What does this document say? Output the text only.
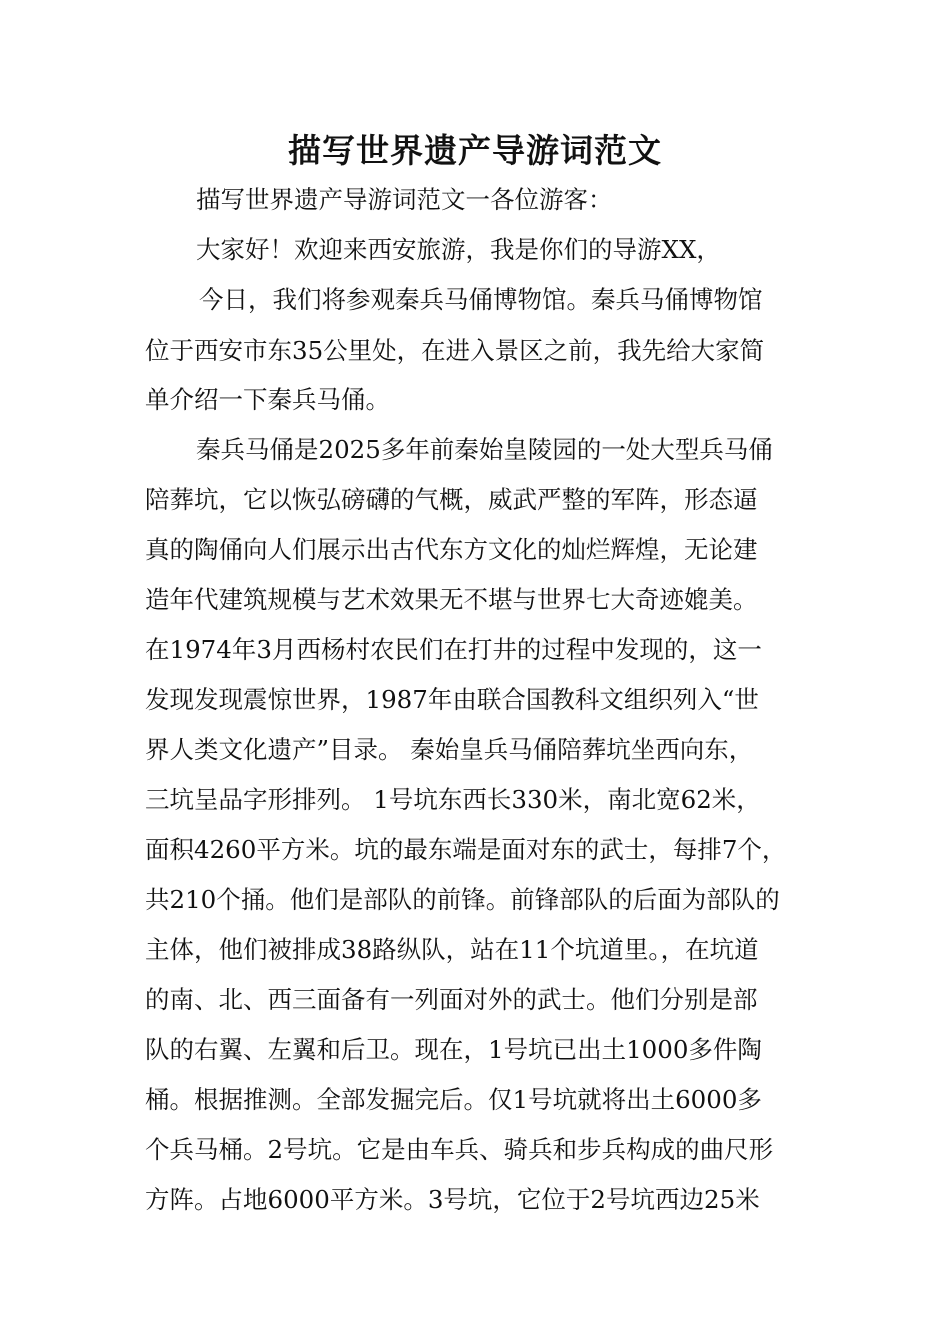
描写世界遗产导游词范文

描写世界遗产导游词范文一各位游客：

大家好！欢迎来西安旅游，我是你们的导游XX，

今日，我们将参观秦兵马俑博物馆。秦兵马俑博物馆

位于西安市东35公里处，在进入景区之前，我先给大家简

单介绍一下秦兵马俑。

秦兵马俑是2025多年前秦始皇陵园的一处大型兵马俑

陪葬坑，它以恢弘磅礴的气概，威武严整的军阵，形态逼

真的陶俑向人们展示出古代东方文化的灿烂辉煌，无论建

造年代建筑规模与艺术效果无不堪与世界七大奇迹媲美。

在1974年3月西杨村农民们在打井的过程中发现的，这一

发现发现震惊世界，1987年由联合国教科文组织列入“世

界人类文化遗产”目录。 秦始皇兵马俑陪葬坑坐西向东，

三坑呈品字形排列。 1号坑东西长330米，南北宽62米，

面积4260平方米。坑的最东端是面对东的武士，每排7个，

共210个捅。他们是部队的前锋。前锋部队的后面为部队的

主体，他们被排成38路纵队，站在11个坑道里。，在坑道

的南、北、西三面备有一列面对外的武士。他们分别是部

队的右翼、左翼和后卫。现在，1号坑已出土1000多件陶

桶。根据推测。全部发掘完后。仅1号坑就将出土6000多

个兵马桶。2号坑。它是由车兵、骑兵和步兵构成的曲尺形

方阵。占地6000平方米。3号坑，它位于2号坑西边25米
